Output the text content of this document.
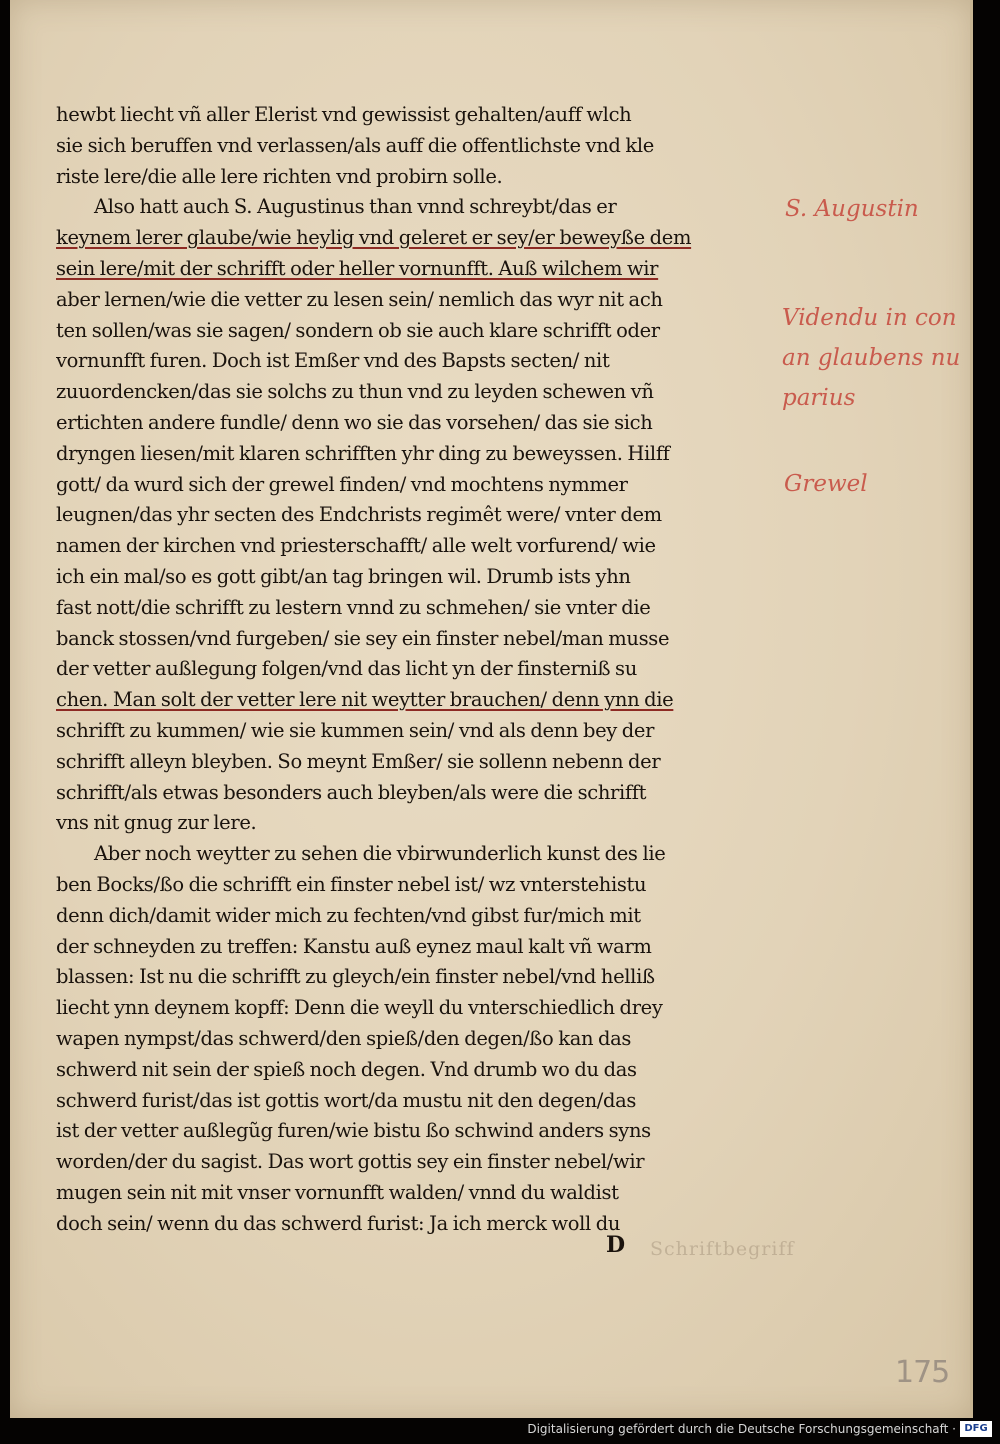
hewbt liecht vñ aller Elerist vnd gewissist gehalten/auff wlch
sie sich beruffen vnd verlassen/als auff die offentlichste vnd kle
riste lere/die alle lere richten vnd probirn solle.
Also hatt auch S. Augustinus than vnnd schreybt/das er
keynem lerer glaube/wie heylig vnd geleret er sey/er beweyße dem
sein lere/mit der schrifft oder heller vornunfft. Auß wilchem wir
aber lernen/wie die vetter zu lesen sein/ nemlich das wyr nit ach
ten sollen/was sie sagen/ sondern ob sie auch klare schrifft oder
vornunfft furen. Doch ist Emßer vnd des Bapsts secten/ nit
zuuordencken/das sie solchs zu thun vnd zu leyden schewen vñ
ertichten andere fundle/ denn wo sie das vorsehen/ das sie sich
dryngen liesen/mit klaren schrifften yhr ding zu beweyssen. Hilff
gott/ da wurd sich der grewel finden/ vnd mochtens nymmer
leugnen/das yhr secten des Endchrists regimêt were/ vnter dem
namen der kirchen vnd priesterschafft/ alle welt vorfurend/ wie
ich ein mal/so es gott gibt/an tag bringen wil. Drumb ists yhn
fast nott/die schrifft zu lestern vnnd zu schmehen/ sie vnter die
banck stossen/vnd furgeben/ sie sey ein finster nebel/man musse
der vetter außlegung folgen/vnd das licht yn der finsterniß su
chen. Man solt der vetter lere nit weytter brauchen/ denn ynn die
schrifft zu kummen/ wie sie kummen sein/ vnd als denn bey der
schrifft alleyn bleyben. So meynt Emßer/ sie sollenn nebenn der
schrifft/als etwas besonders auch bleyben/als were die schrifft
vns nit gnug zur lere.
Aber noch weytter zu sehen die vbirwunderlich kunst des lie
ben Bocks/ßo die schrifft ein finster nebel ist/ wz vnterstehistu
denn dich/damit wider mich zu fechten/vnd gibst fur/mich mit
der schneyden zu treffen: Kanstu auß eynez maul kalt vñ warm
blassen: Ist nu die schrifft zu gleych/ein finster nebel/vnd helliß
liecht ynn deynem kopff: Denn die weyll du vnterschiedlich drey
wapen nympst/das schwerd/den spieß/den degen/ßo kan das
schwerd nit sein der spieß noch degen. Vnd drumb wo du das
schwerd furist/das ist gottis wort/da mustu nit den degen/das
ist der vetter außlegũg furen/wie bistu ßo schwind anders syns
worden/der du sagist. Das wort gottis sey ein finster nebel/wir
mugen sein nit mit vnser vornunfft walden/ vnnd du waldist
doch sein/ wenn du das schwerd furist: Ja ich merck woll du
D Schriftbegriff
S. Augustin
Videndu in con
an glaubens nu
parius
Grewel
175
Digitalisierung gefördert durch die Deutsche Forschungsgemeinschaft · DFG
